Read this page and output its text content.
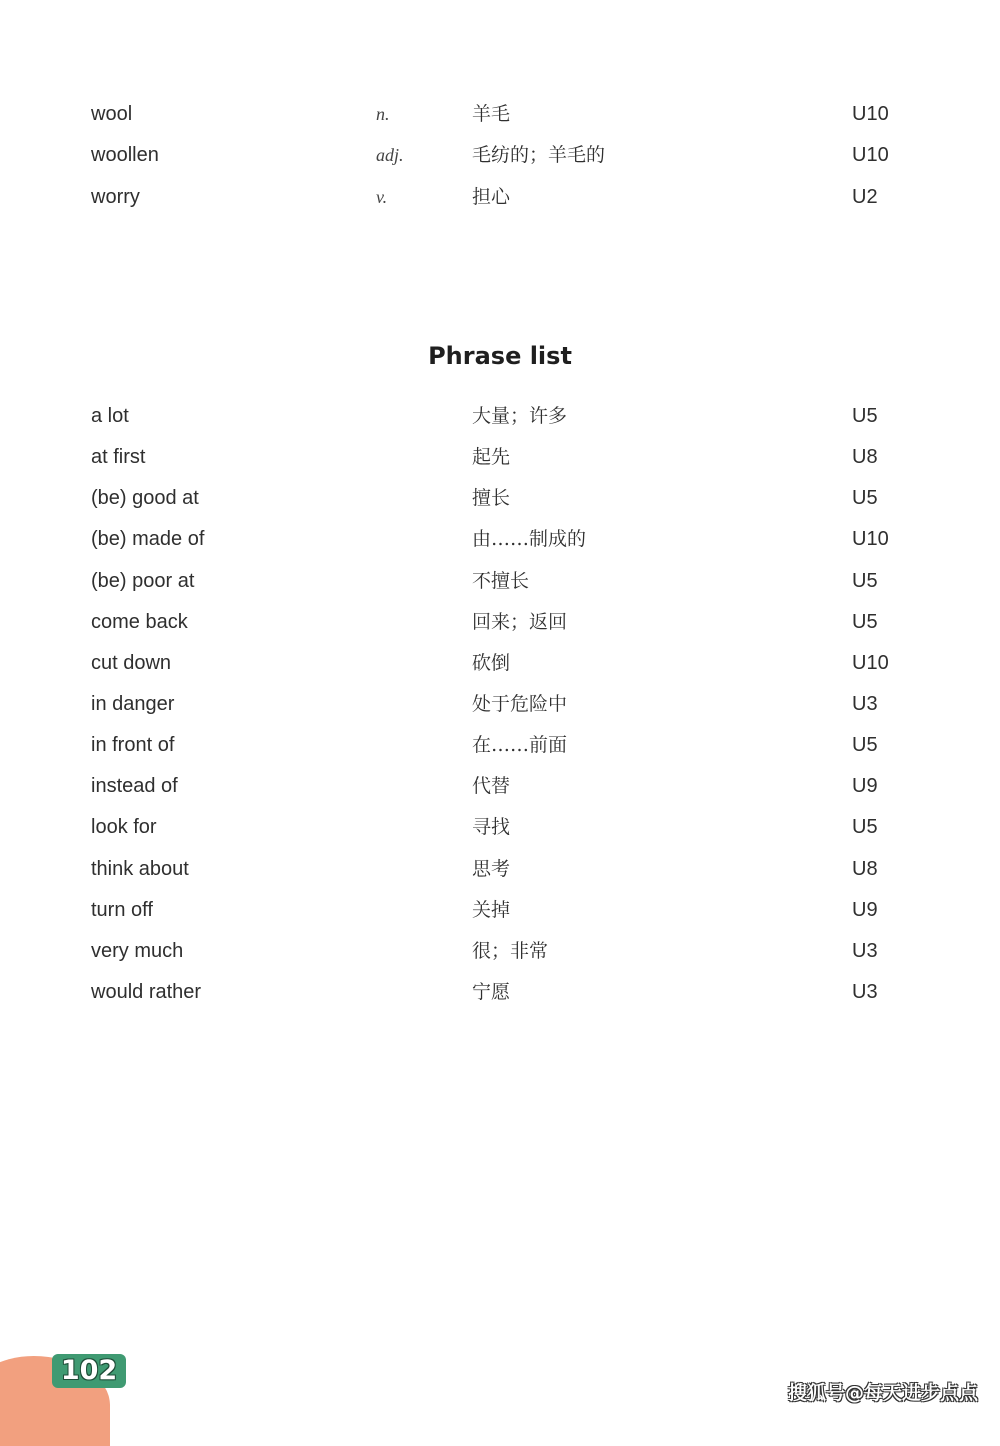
wool	n.	羊毛	U10
woollen	adj.	毛纺的；羊毛的	U10
worry	v.	担心	U2
Phrase list
a lot	大量；许多	U5
at first	起先	U8
(be) good at	擅长	U5
(be) made of	由……制成的	U10
(be) poor at	不擅长	U5
come back	回来；返回	U5
cut down	砍倒	U10
in danger	处于危险中	U3
in front of	在……前面	U5
instead of	代替	U9
look for	寻找	U5
think about	思考	U8
turn off	关掉	U9
very much	很；非常	U3
would rather	宁愿	U3
102
搜狐号@每天进步点点
